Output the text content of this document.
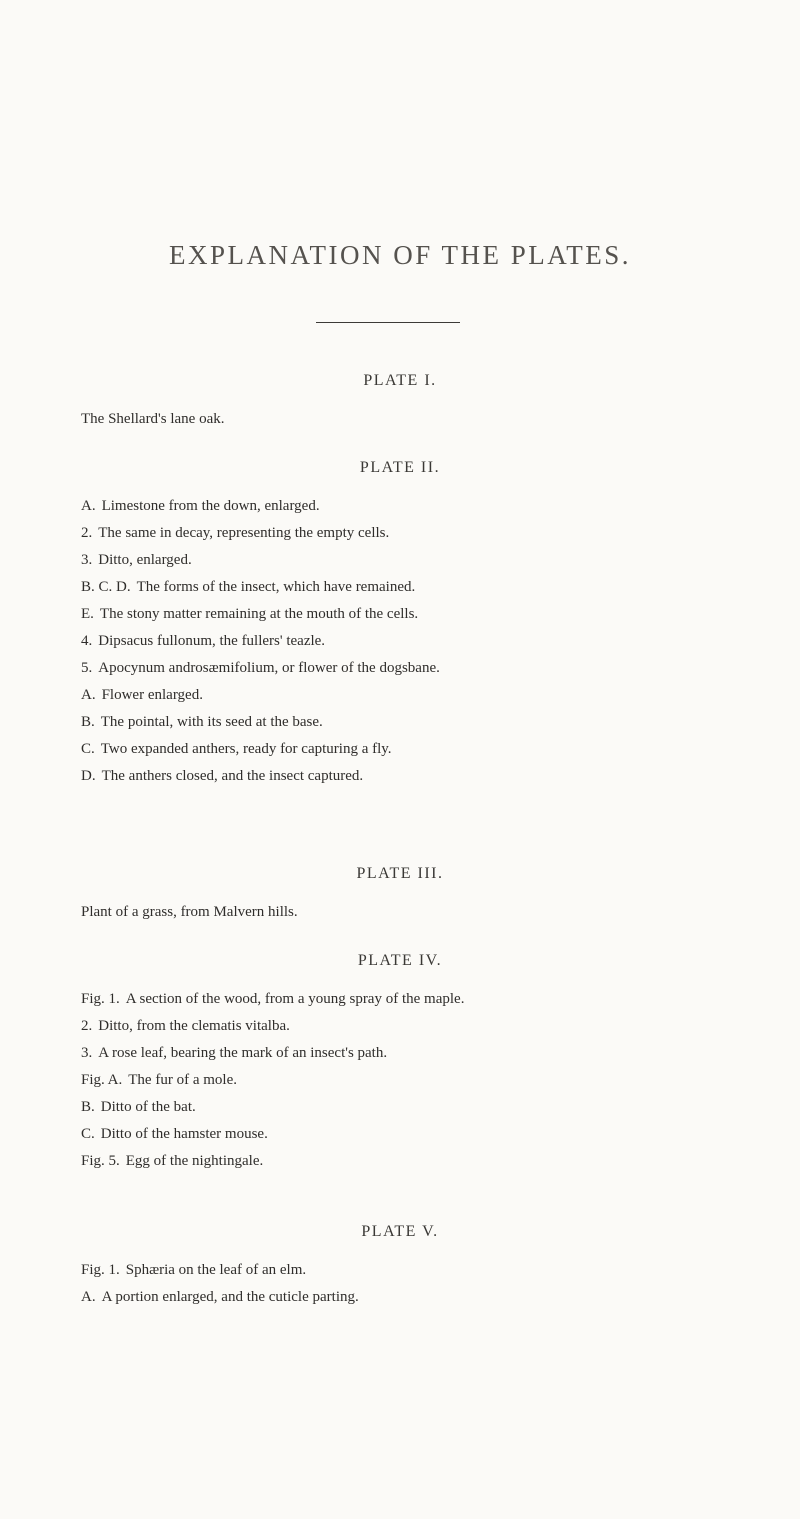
EXPLANATION OF THE PLATES.
PLATE I.
The Shellard's lane oak.
PLATE II.
A. Limestone from the down, enlarged.
2. The same in decay, representing the empty cells.
3. Ditto, enlarged.
B. C. D. The forms of the insect, which have remained.
E. The stony matter remaining at the mouth of the cells.
4. Dipsacus fullonum, the fullers' teazle.
5. Apocynum androsæmifolium, or flower of the dogsbane.
A. Flower enlarged.
B. The pointal, with its seed at the base.
C. Two expanded anthers, ready for capturing a fly.
D. The anthers closed, and the insect captured.
PLATE III.
Plant of a grass, from Malvern hills.
PLATE IV.
Fig. 1. A section of the wood, from a young spray of the maple.
2. Ditto, from the clematis vitalba.
3. A rose leaf, bearing the mark of an insect's path.
Fig. A. The fur of a mole.
B. Ditto of the bat.
C. Ditto of the hamster mouse.
Fig. 5. Egg of the nightingale.
PLATE V.
Fig. 1. Sphæria on the leaf of an elm.
A. A portion enlarged, and the cuticle parting.
